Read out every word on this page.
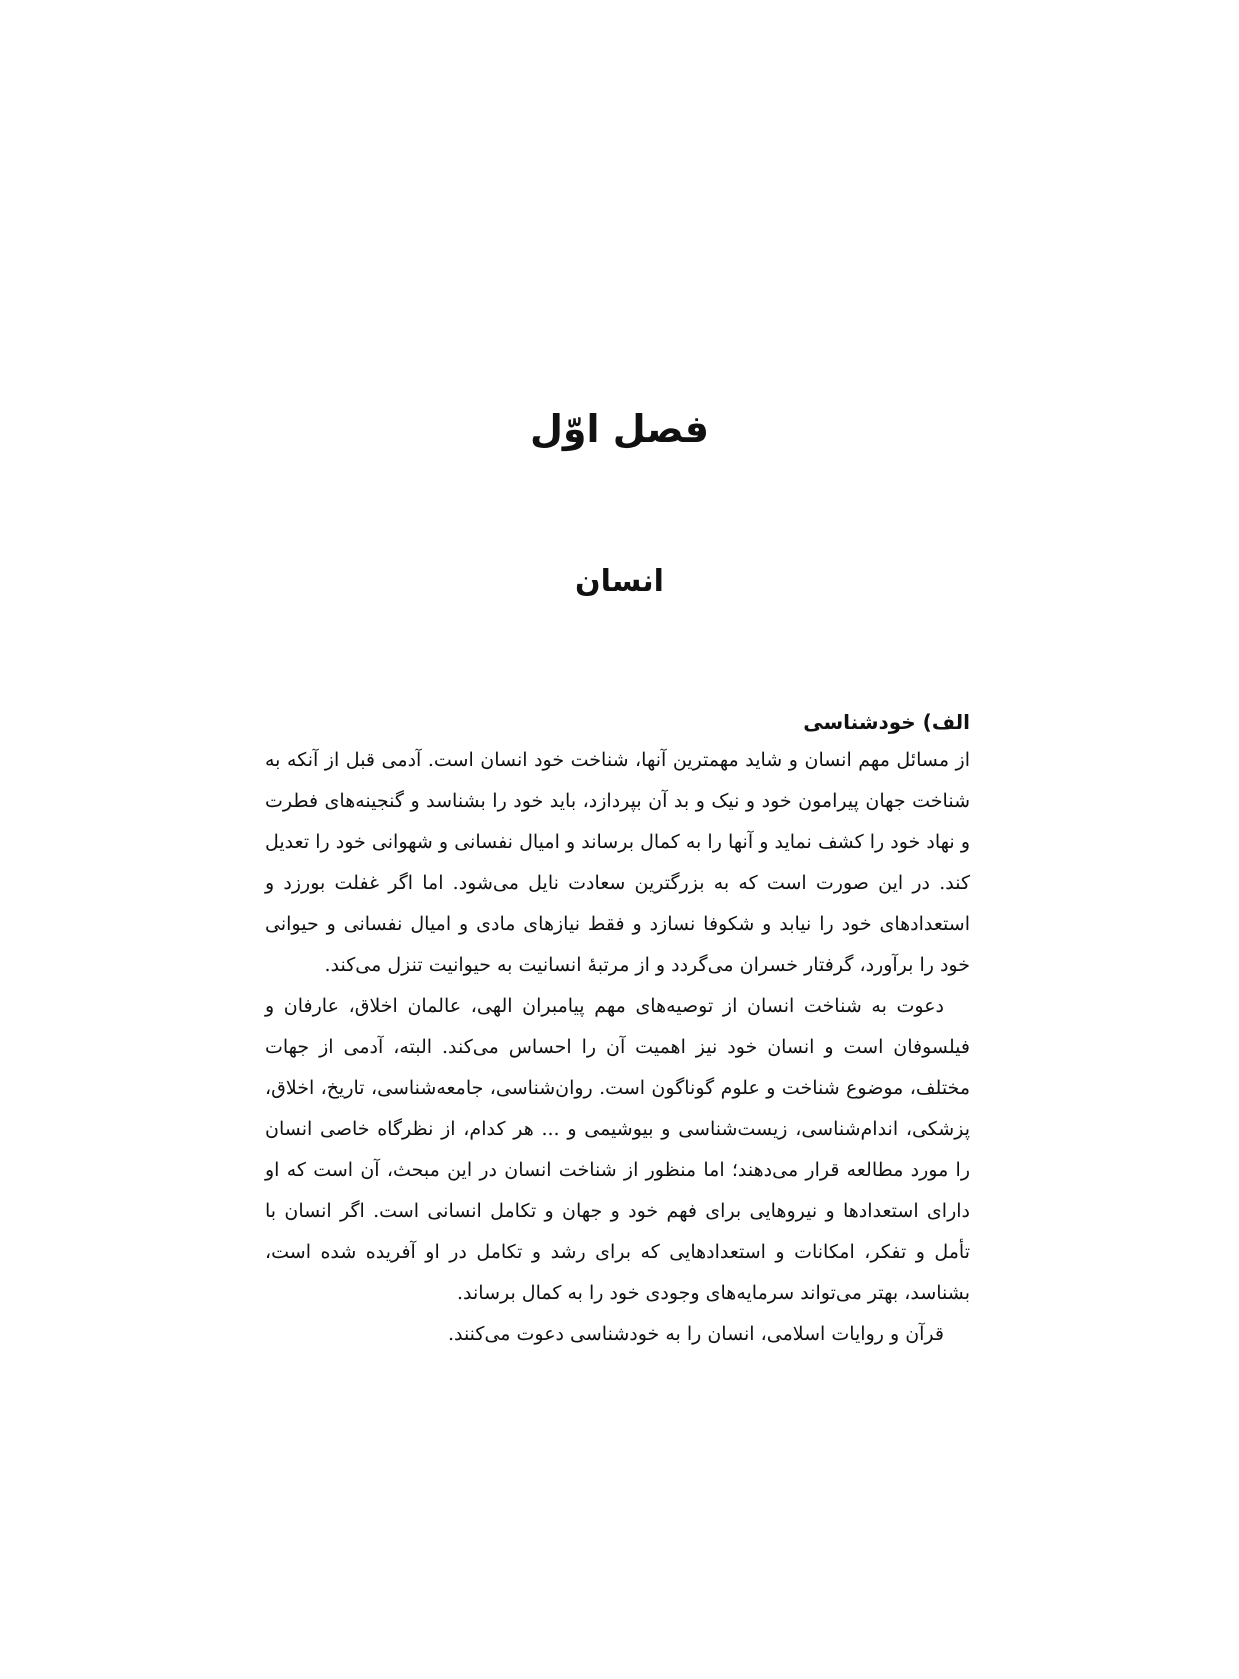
فصل اوّل
انسان
الف) خودشناسی

از مسائل مهم انسان و شاید مهمترین آنها، شناخت خود انسان است. آدمی قبل از آنکه به شناخت جهان پیرامون خود و نیک و بد آن بپردازد، باید خود را بشناسد و گنجینه‌های فطرت و نهاد خود را کشف نماید و آنها را به کمال برساند و امیال نفسانی و شهوانی خود را تعدیل کند. در این صورت است که به بزرگترین سعادت نایل می‌شود. اما اگر غفلت بورزد و استعدادهای خود را نیابد و شکوفا نسازد و فقط نیازهای مادی و امیال نفسانی و حیوانی خود را برآورد، گرفتار خسران می‌گردد و از مرتبهٔ انسانیت به حیوانیت تنزل می‌کند.

دعوت به شناخت انسان از توصیه‌های مهم پیامبران الهی، عالمان اخلاق، عارفان و فیلسوفان است و انسان خود نیز اهمیت آن را احساس می‌کند. البته، آدمی از جهات مختلف، موضوع شناخت و علوم گوناگون است. روان‌شناسی، جامعه‌شناسی، تاریخ، اخلاق، پزشکی، اندام‌شناسی، زیست‌شناسی و بیوشیمی و ... هر کدام، از نظرگاه خاصی انسان را مورد مطالعه قرار می‌دهند؛ اما منظور از شناخت انسان در این مبحث، آن است که او دارای استعدادها و نیروهایی برای فهم خود و جهان و تکامل انسانی است. اگر انسان با تأمل و تفکر، امکانات و استعدادهایی که برای رشد و تکامل در او آفریده شده است، بشناسد، بهتر می‌تواند سرمایه‌های وجودی خود را به کمال برساند.

قرآن و روایات اسلامی، انسان را به خودشناسی دعوت می‌کنند.
